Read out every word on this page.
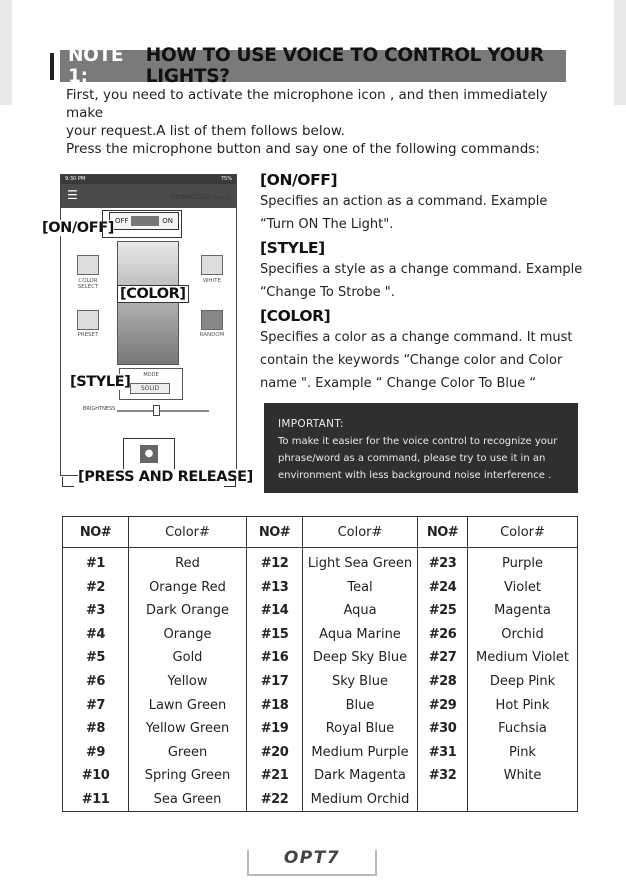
NOTE 1:
HOW TO USE VOICE TO CONTROL YOUR LIGHTS?

First, you need to activate the microphone icon , and then immediately make

your request.A list of them follows below.

Press the microphone button and say one of the following commands:

9:30 PM	75%
☰	CONNECTED ○—○
OFF	ON
COLOR SELECT
WHITE
PRESET	RANDOM
MODE
SOLID
BRIGHTNESS
●
[ON/OFF]
[COLOR]
[STYLE]
[PRESS AND RELEASE]
[ON/OFF]

Specifies an action as a command. Example

“Turn ON The Light".

[STYLE]

Specifies a style as a change command. Example

“Change To Strobe ".

[COLOR]

Specifies a color as a change command. It must

contain the keywords “Change color and Color

name ". Example “ Change Color To Blue “

IMPORTANT:
To make it easier for the voice control to recognize your
phrase/word as a command, please try to use it in an
environment with less background noise interference .
NO#	Color#	NO#	Color#	NO#	Color#
#1	Red	#12	Light Sea Green	#23	Purple
#2	Orange Red	#13	Teal	#24	Violet
#3	Dark Orange	#14	Aqua	#25	Magenta
#4	Orange	#15	Aqua Marine	#26	Orchid
#5	Gold	#16	Deep Sky Blue	#27	Medium Violet
#6	Yellow	#17	Sky Blue	#28	Deep Pink
#7	Lawn Green	#18	Blue	#29	Hot Pink
#8	Yellow Green	#19	Royal Blue	#30	Fuchsia
#9	Green	#20	Medium Purple	#31	Pink
#10	Spring Green	#21	Dark Magenta	#32	White
#11	Sea Green	#22	Medium Orchid		
OPT7
